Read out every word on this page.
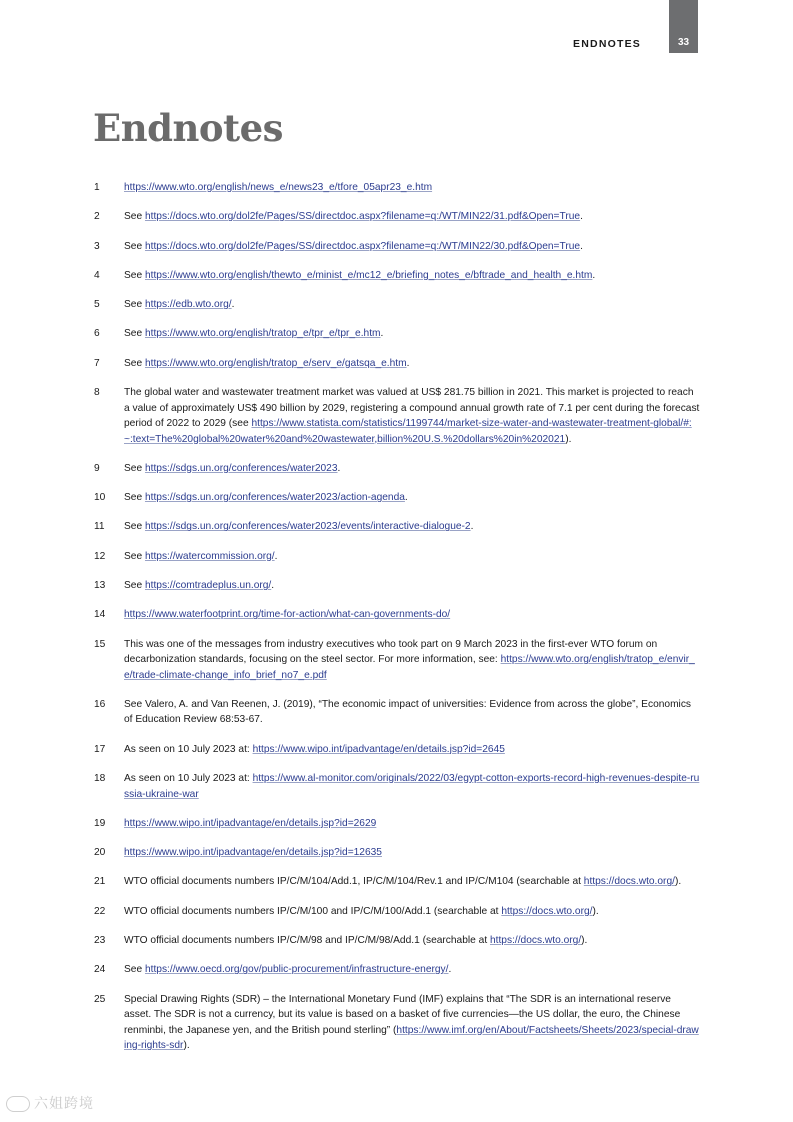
ENDNOTES	33
Endnotes
1 https://www.wto.org/english/news_e/news23_e/tfore_05apr23_e.htm
2 See https://docs.wto.org/dol2fe/Pages/SS/directdoc.aspx?filename=q:/WT/MIN22/31.pdf&Open=True.
3 See https://docs.wto.org/dol2fe/Pages/SS/directdoc.aspx?filename=q:/WT/MIN22/30.pdf&Open=True.
4 See https://www.wto.org/english/thewto_e/minist_e/mc12_e/briefing_notes_e/bftrade_and_health_e.htm.
5 See https://edb.wto.org/.
6 See https://www.wto.org/english/tratop_e/tpr_e/tpr_e.htm.
7 See https://www.wto.org/english/tratop_e/serv_e/gatsqa_e.htm.
8 The global water and wastewater treatment market was valued at US$ 281.75 billion in 2021. This market is projected to reach a value of approximately US$ 490 billion by 2029, registering a compound annual growth rate of 7.1 per cent during the forecast period of 2022 to 2029 (see https://www.statista.com/statistics/1199744/market-size-water-and-wastewater-treatment-global/#:~:text=The%20global%20water%20and%20wastewater,billion%20U.S.%20dollars%20in%202021).
9 See https://sdgs.un.org/conferences/water2023.
10 See https://sdgs.un.org/conferences/water2023/action-agenda.
11 See https://sdgs.un.org/conferences/water2023/events/interactive-dialogue-2.
12 See https://watercommission.org/.
13 See https://comtradeplus.un.org/.
14 https://www.waterfootprint.org/time-for-action/what-can-governments-do/
15 This was one of the messages from industry executives who took part on 9 March 2023 in the first-ever WTO forum on decarbonization standards, focusing on the steel sector. For more information, see: https://www.wto.org/english/tratop_e/envir_e/trade-climate-change_info_brief_no7_e.pdf
16 See Valero, A. and Van Reenen, J. (2019), “The economic impact of universities: Evidence from across the globe”, Economics of Education Review 68:53-67.
17 As seen on 10 July 2023 at: https://www.wipo.int/ipadvantage/en/details.jsp?id=2645
18 As seen on 10 July 2023 at: https://www.al-monitor.com/originals/2022/03/egypt-cotton-exports-record-high-revenues-despite-russia-ukraine-war
19 https://www.wipo.int/ipadvantage/en/details.jsp?id=2629
20 https://www.wipo.int/ipadvantage/en/details.jsp?id=12635
21 WTO official documents numbers IP/C/M/104/Add.1, IP/C/M/104/Rev.1 and IP/C/M104 (searchable at https://docs.wto.org/).
22 WTO official documents numbers IP/C/M/100 and IP/C/M/100/Add.1 (searchable at https://docs.wto.org/).
23 WTO official documents numbers IP/C/M/98 and IP/C/M/98/Add.1 (searchable at https://docs.wto.org/).
24 See https://www.oecd.org/gov/public-procurement/infrastructure-energy/.
25 Special Drawing Rights (SDR) – the International Monetary Fund (IMF) explains that “The SDR is an international reserve asset. The SDR is not a currency, but its value is based on a basket of five currencies—the US dollar, the euro, the Chinese renminbi, the Japanese yen, and the British pound sterling” (https://www.imf.org/en/About/Factsheets/Sheets/2023/special-drawing-rights-sdr).
六姐跨境
